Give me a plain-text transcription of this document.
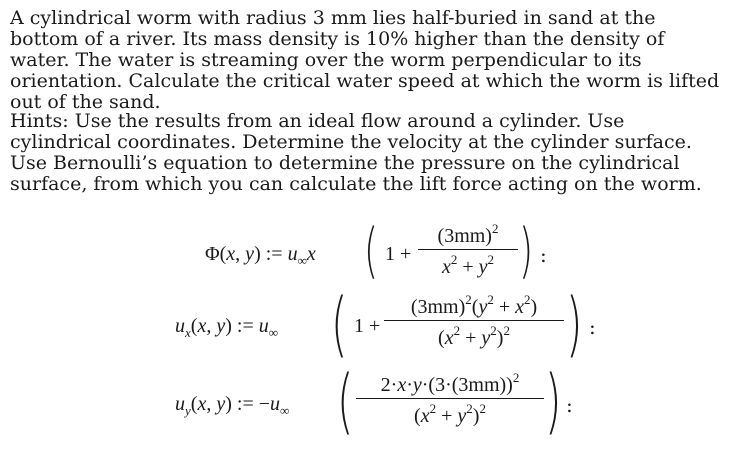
A cylindrical worm with radius 3 mm lies half-buried in sand at the bottom of a river. Its mass density is 10% higher than the density of water. The water is streaming over the worm perpendicular to its orientation. Calculate the critical water speed at which the worm is lifted out of the sand.

Hints: Use the results from an ideal flow around a cylinder. Use cylindrical coordinates. Determine the velocity at the cylinder surface. Use Bernoulli’s equation to determine the pressure on the cylindrical surface, from which you can calculate the lift force acting on the worm.

Φ(x, y) := $u_\infty x$ ( $1 + \frac{(3mm)^2}{x^2 + y^2}$ ) :
$u_x(x$, y) := $u_\infty$ ( $1 + \frac{(3mm)^2(y^2 + x^2)}{(x^2 + y^2)^2}$ ) :
$u_y(x$, y) := $-u_\infty$ ( $\frac{2\cdot x\cdot y\cdot(3\cdot(3mm))^2}{(x^2 + y^2)^2}$ ) :
